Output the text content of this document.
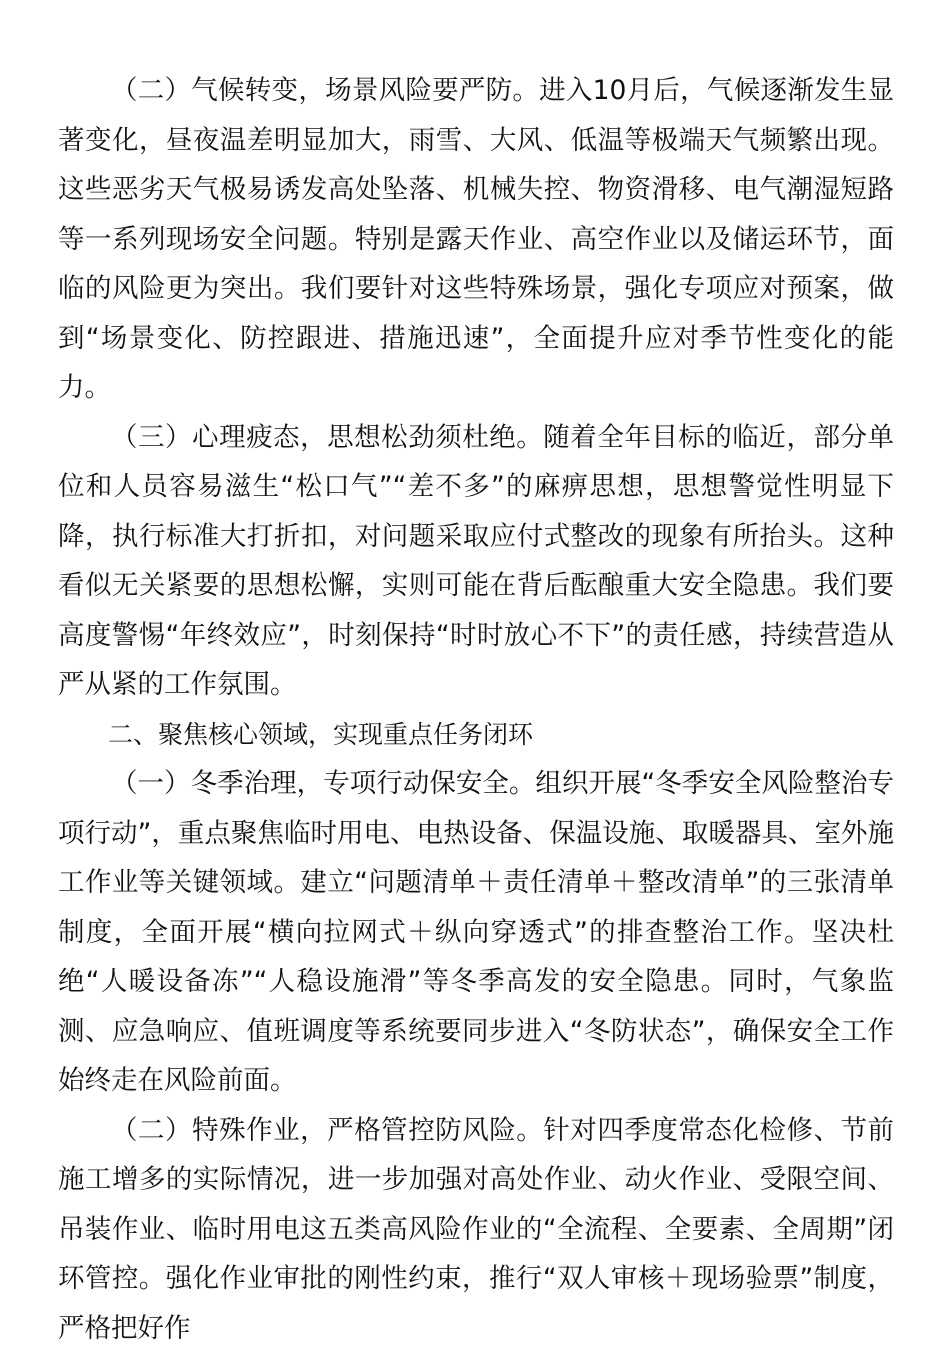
（二）气候转变，场景风险要严防。进入10月后，气候逐渐发生显著变化，昼夜温差明显加大，雨雪、大风、低温等极端天气频繁出现。这些恶劣天气极易诱发高处坠落、机械失控、物资滑移、电气潮湿短路等一系列现场安全问题。特别是露天作业、高空作业以及储运环节，面临的风险更为突出。我们要针对这些特殊场景，强化专项应对预案，做到“场景变化、防控跟进、措施迅速”，全面提升应对季节性变化的能力。

（三）心理疲态，思想松劲须杜绝。随着全年目标的临近，部分单位和人员容易滋生“松口气”“差不多”的麻痹思想，思想警觉性明显下降，执行标准大打折扣，对问题采取应付式整改的现象有所抬头。这种看似无关紧要的思想松懈，实则可能在背后酝酿重大安全隐患。我们要高度警惕“年终效应”，时刻保持“时时放心不下”的责任感，持续营造从严从紧的工作氛围。

二、聚焦核心领域，实现重点任务闭环

（一）冬季治理，专项行动保安全。组织开展“冬季安全风险整治专项行动”，重点聚焦临时用电、电热设备、保温设施、取暖器具、室外施工作业等关键领域。建立“问题清单＋责任清单＋整改清单”的三张清单制度，全面开展“横向拉网式＋纵向穿透式”的排查整治工作。坚决杜绝“人暖设备冻”“人稳设施滑”等冬季高发的安全隐患。同时，气象监测、应急响应、值班调度等系统要同步进入“冬防状态”，确保安全工作始终走在风险前面。

（二）特殊作业，严格管控防风险。针对四季度常态化检修、节前施工增多的实际情况，进一步加强对高处作业、动火作业、受限空间、吊装作业、临时用电这五类高风险作业的“全流程、全要素、全周期”闭环管控。强化作业审批的刚性约束，推行“双人审核＋现场验票”制度，严格把好作
